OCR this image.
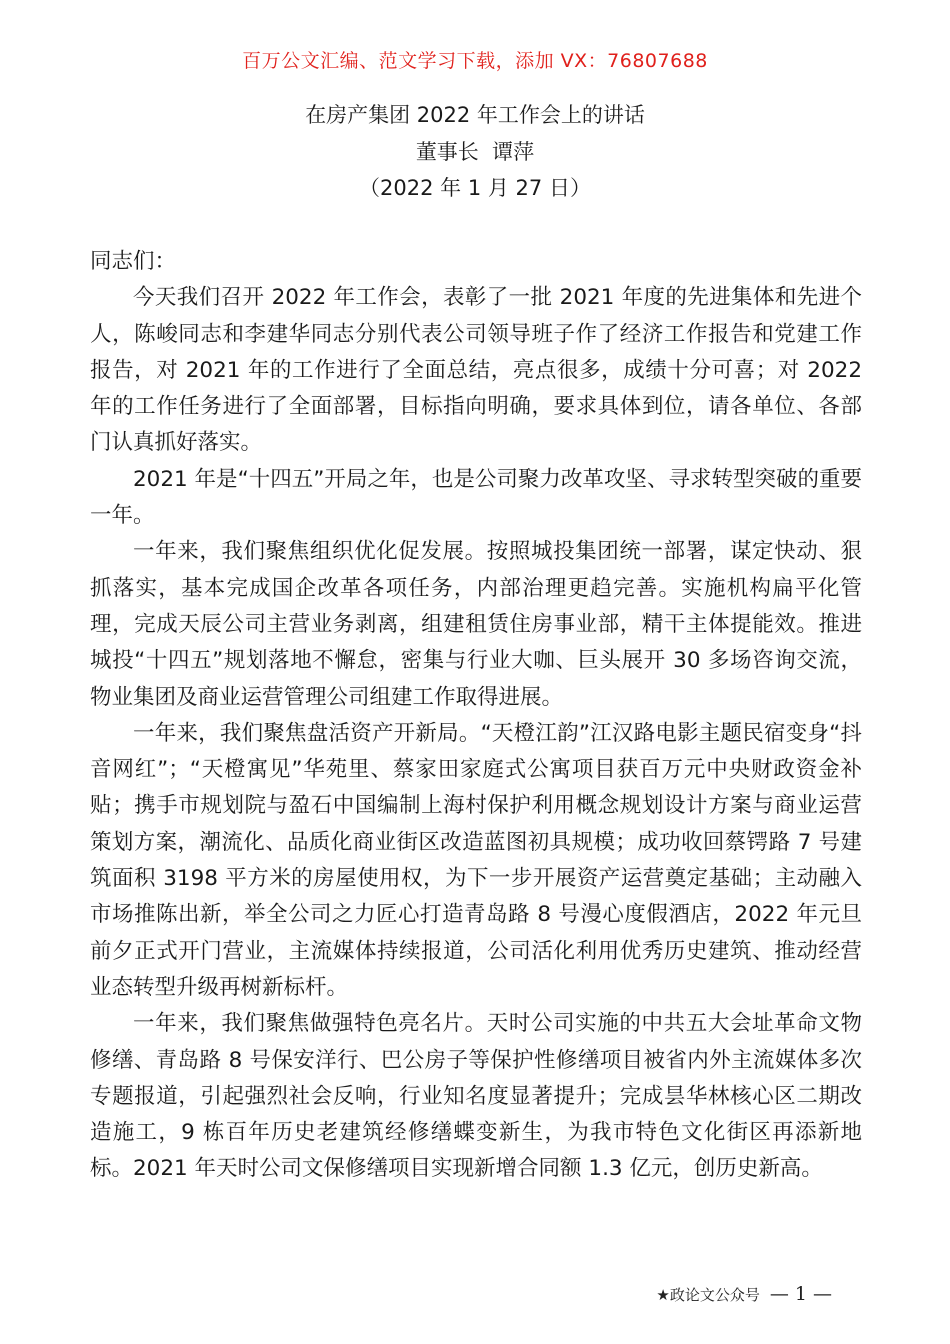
百万公文汇编、范文学习下载，添加 VX：76807688
在房产集团 2022 年工作会上的讲话
董事长  谭萍
（2022 年 1 月 27 日）

同志们：

今天我们召开 2022 年工作会，表彰了一批 2021 年度的先进集体和先进个人，陈峻同志和李建华同志分别代表公司领导班子作了经济工作报告和党建工作报告，对 2021 年的工作进行了全面总结，亮点很多，成绩十分可喜；对 2022 年的工作任务进行了全面部署，目标指向明确，要求具体到位，请各单位、各部门认真抓好落实。

2021 年是“十四五”开局之年，也是公司聚力改革攻坚、寻求转型突破的重要一年。

一年来，我们聚焦组织优化促发展。按照城投集团统一部署，谋定快动、狠抓落实，基本完成国企改革各项任务，内部治理更趋完善。实施机构扁平化管理，完成天辰公司主营业务剥离，组建租赁住房事业部，精干主体提能效。推进城投“十四五”规划落地不懈怠，密集与行业大咖、巨头展开 30 多场咨询交流，物业集团及商业运营管理公司组建工作取得进展。

一年来，我们聚焦盘活资产开新局。“天橙江韵”江汉路电影主题民宿变身“抖音网红”；“天橙寓见”华苑里、蔡家田家庭式公寓项目获百万元中央财政资金补贴；携手市规划院与盈石中国编制上海村保护利用概念规划设计方案与商业运营策划方案，潮流化、品质化商业街区改造蓝图初具规模；成功收回蔡锷路 7 号建筑面积 3198 平方米的房屋使用权，为下一步开展资产运营奠定基础；主动融入市场推陈出新，举全公司之力匠心打造青岛路 8 号漫心度假酒店，2022 年元旦前夕正式开门营业，主流媒体持续报道，公司活化利用优秀历史建筑、推动经营业态转型升级再树新标杆。

一年来，我们聚焦做强特色亮名片。天时公司实施的中共五大会址革命文物修缮、青岛路 8 号保安洋行、巴公房子等保护性修缮项目被省内外主流媒体多次专题报道，引起强烈社会反响，行业知名度显著提升；完成昙华林核心区二期改造施工，9 栋百年历史老建筑经修缮蝶变新生，为我市特色文化街区再添新地标。2021 年天时公司文保修缮项目实现新增合同额 1.3 亿元，创历史新高。

★政论文公众号 — 1 —
